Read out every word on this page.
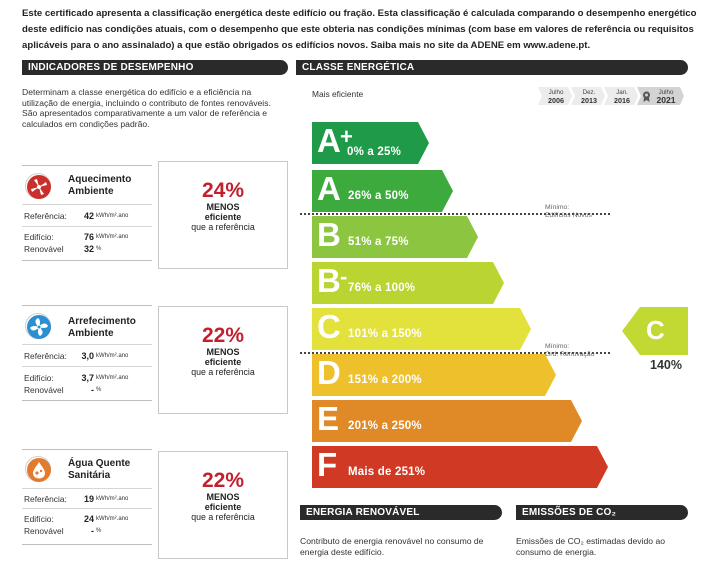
Este certificado apresenta a classificação energética deste edifício ou fração. Esta classificação é calculada comparando o desempenho energético deste edifício nas condições atuais, com o desempenho que este obteria nas condições mínimas (com base em valores de referência ou requisitos aplicáveis para o ano assinalado) a que estão obrigados os edifícios novos. Saiba mais no site da ADENE em www.adene.pt.
INDICADORES DE DESEMPENHO	CLASSE ENERGÉTICA
Determinam a classe energética do edifício e a eficiência na utilização de energia, incluindo o contributo de fontes renováveis. São apresentados comparativamente a um valor de referência e calculados em condições padrão.
Aquecimento
Ambiente
Referência: 42 kWh/m².ano
Edifício:	76 kWh/m².ano
Renovável 32 %
24%
MENOS
eficiente
que a referência
Arrefecimento
Ambiente
Referência: 3,0 kWh/m².ano
Edifício:	3,7 kWh/m².ano
Renovável	- %
22%
MENOS
eficiente
que a referência
Água Quente
Sanitária
Referência: 19 kWh/m².ano
Edifício:	24 kWh/m².ano
Renovável	- %
22%
MENOS
eficiente
que a referência
Mais eficiente	Julho
2006
Dez.
2013
Jan.
2016
Julho
2021
A +
0% a 25%
A 26% a 50%
B 51% a 75%
B - 76% a 100%
C 101% a 150%
D 151% a 200%
E 201% a 250%
F Mais de 251%
Mínimo:
Edifícios Novos
Mínimo:
Grd. Renovação
C
140%
ENERGIA RENOVÁVEL	EMISSÕES DE CO₂
Contributo de energia renovável no consumo de energia deste edifício.
Emissões de CO₂ estimadas devido ao consumo de energia.
